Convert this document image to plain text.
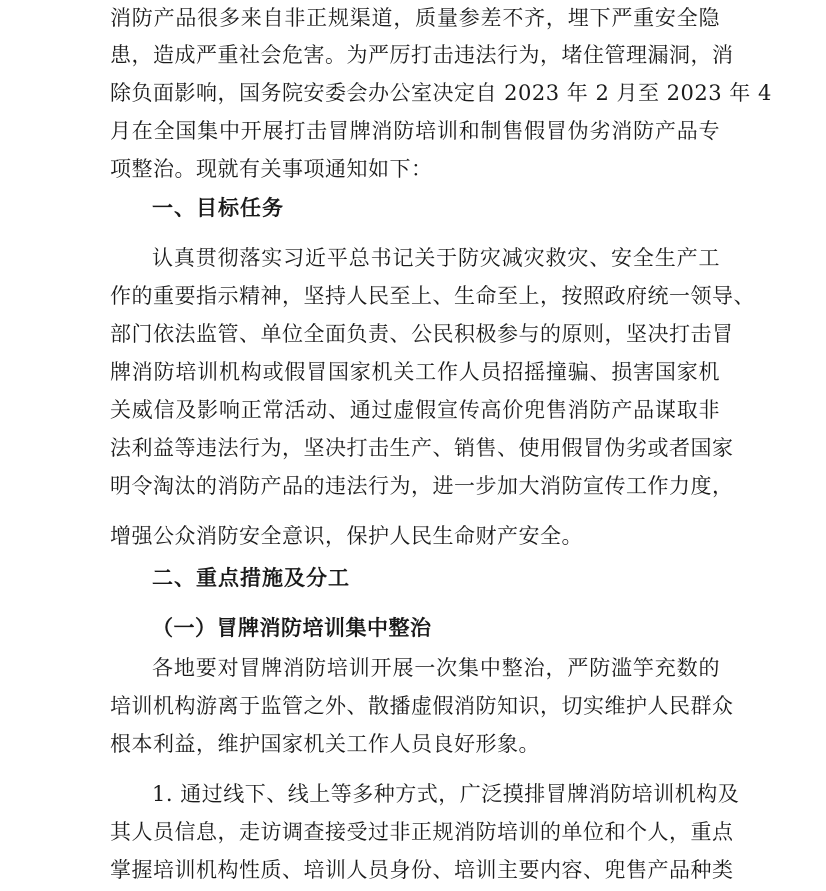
消防产品很多来自非正规渠道，质量参差不齐，埋下严重安全隐
患，造成严重社会危害。为严厉打击违法行为，堵住管理漏洞，消
除负面影响，国务院安委会办公室决定自 2023 年 2 月至 2023 年 4
月在全国集中开展打击冒牌消防培训和制售假冒伪劣消防产品专
项整治。现就有关事项通知如下：
一、目标任务
认真贯彻落实习近平总书记关于防灾减灾救灾、安全生产工
作的重要指示精神，坚持人民至上、生命至上，按照政府统一领导、
部门依法监管、单位全面负责、公民积极参与的原则，坚决打击冒
牌消防培训机构或假冒国家机关工作人员招摇撞骗、损害国家机
关威信及影响正常活动、通过虚假宣传高价兜售消防产品谋取非
法利益等违法行为，坚决打击生产、销售、使用假冒伪劣或者国家
明令淘汰的消防产品的违法行为，进一步加大消防宣传工作力度，
增强公众消防安全意识，保护人民生命财产安全。
二、重点措施及分工
（一）冒牌消防培训集中整治
各地要对冒牌消防培训开展一次集中整治，严防滥竽充数的
培训机构游离于监管之外、散播虚假消防知识，切实维护人民群众
根本利益，维护国家机关工作人员良好形象。
1. 通过线下、线上等多种方式，广泛摸排冒牌消防培训机构及
其人员信息，走访调查接受过非正规消防培训的单位和个人，重点
掌握培训机构性质、培训人员身份、培训主要内容、兜售产品种类
